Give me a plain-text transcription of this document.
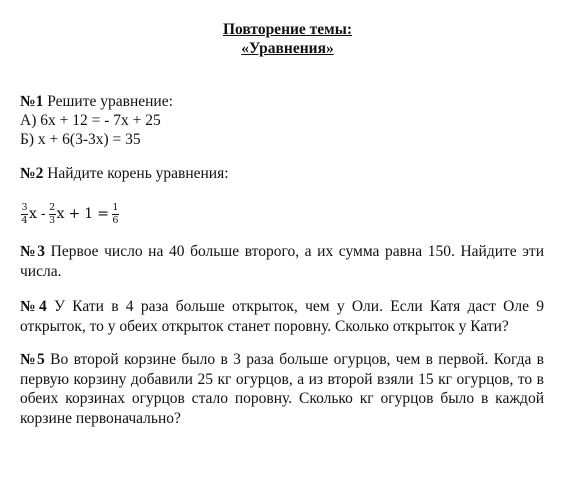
Повторение темы:
«Уравнения»
№1 Решите уравнение:
А) 6х + 12 = - 7х + 25
Б) х + 6(3-3х) = 35
№2 Найдите корень уравнения:
$\frac{3}{4}$ x - $\frac{2}{3}$ $x + 1 = \frac{1}{6}$
№3 Первое число на 40 больше второго, а их сумма равна 150. Найдите эти числа.
№4 У Кати в 4 раза больше открыток, чем у Оли. Если Катя даст Оле 9 открыток, то у обеих открыток станет поровну. Сколько открыток у Кати?
№5 Во второй корзине было в 3 раза больше огурцов, чем в первой. Когда в первую корзину добавили 25 кг огурцов, а из второй взяли 15 кг огурцов, то в обеих корзинах огурцов стало поровну. Сколько кг огурцов было в каждой корзине первоначально?
